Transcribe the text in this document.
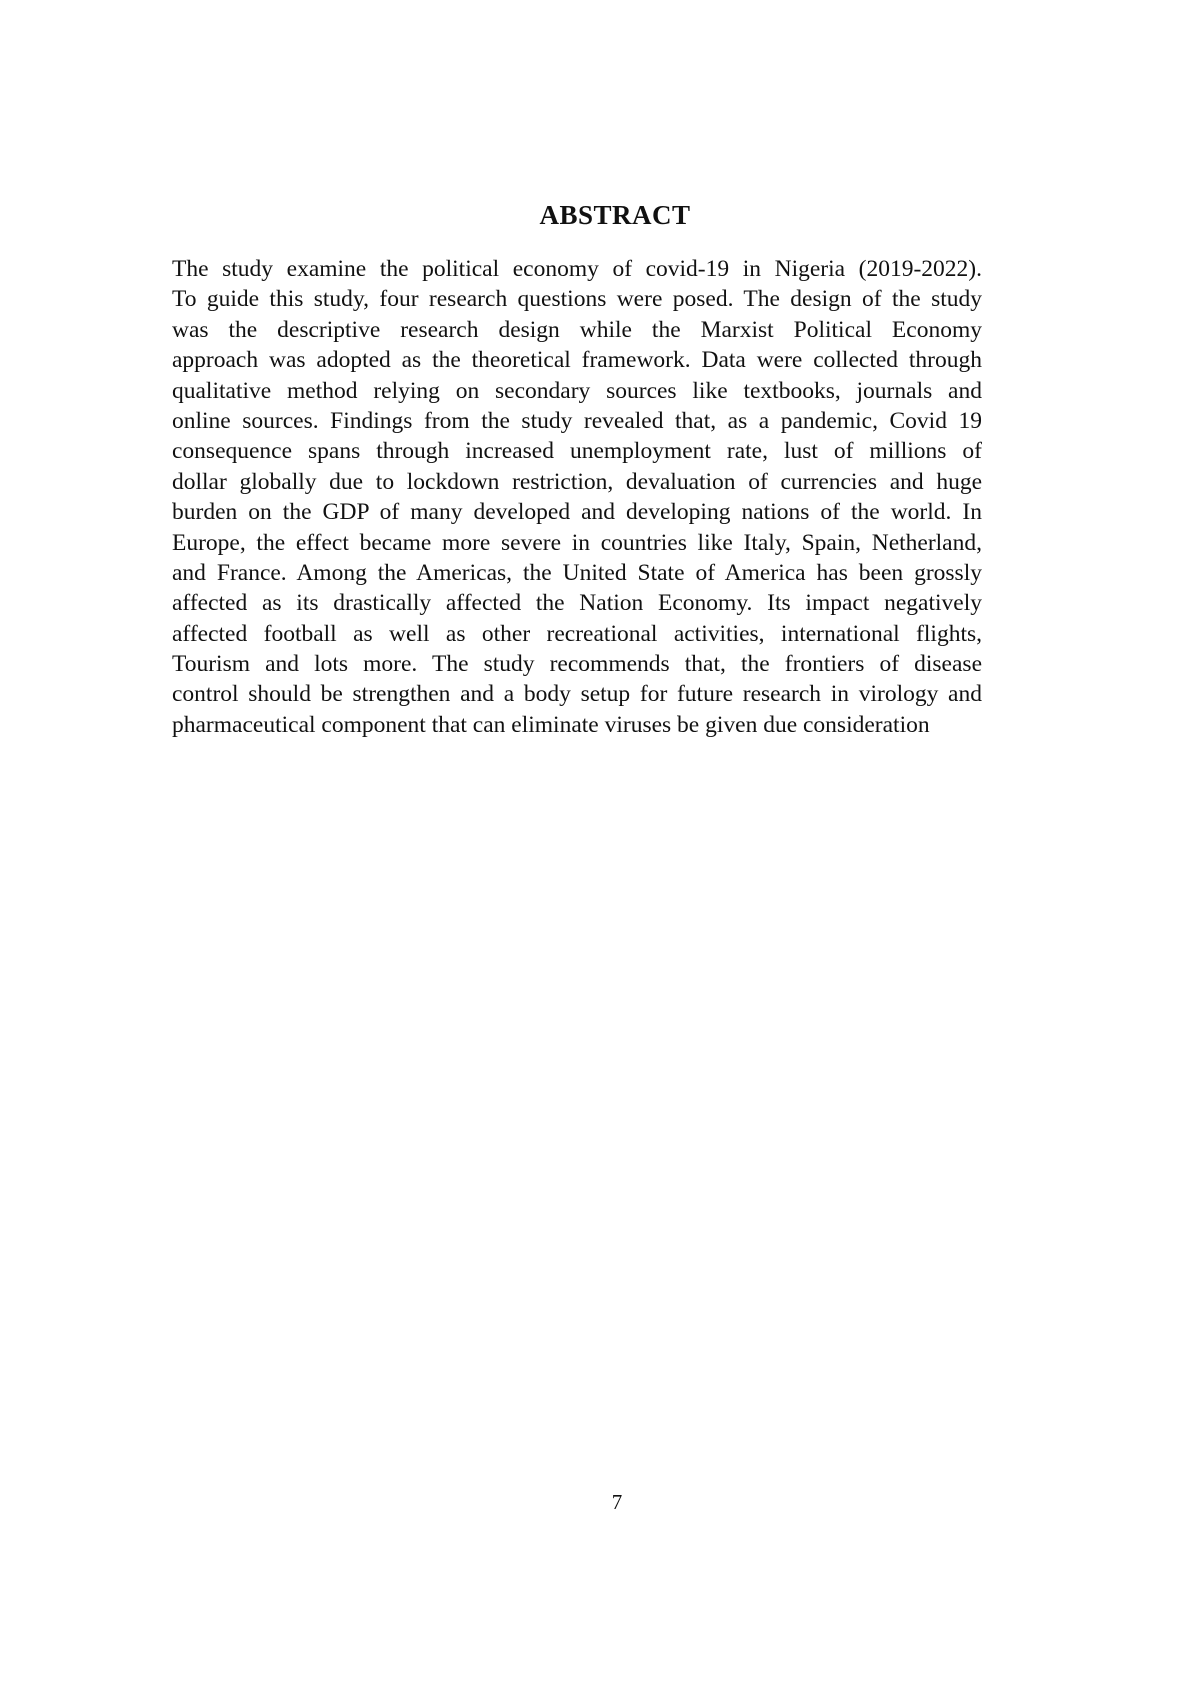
ABSTRACT
The study examine the political economy of covid-19 in Nigeria (2019-2022).
To guide this study, four research questions were posed. The design of the study
was the descriptive research design while the Marxist Political Economy
approach was adopted as the theoretical framework. Data were collected through
qualitative method relying on secondary sources like textbooks, journals and
online sources. Findings from the study revealed that, as a pandemic, Covid 19
consequence spans through increased unemployment rate, lust of millions of
dollar globally due to lockdown restriction, devaluation of currencies and huge
burden on the GDP of many developed and developing nations of the world. In
Europe, the effect became more severe in countries like Italy, Spain, Netherland,
and France. Among the Americas, the United State of America has been grossly
affected as its drastically affected the Nation Economy. Its impact negatively
affected football as well as other recreational activities, international flights,
Tourism and lots more. The study recommends that, the frontiers of disease
control should be strengthen and a body setup for future research in virology and
pharmaceutical component that can eliminate viruses be given due consideration
7
